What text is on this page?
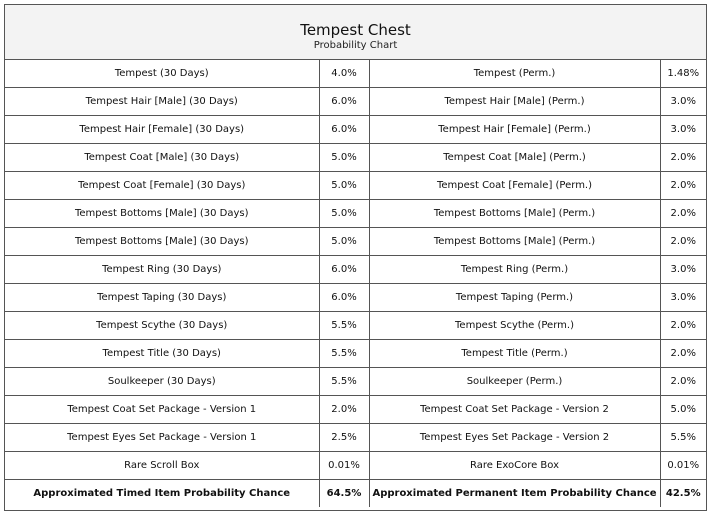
Tempest Chest
Probability Chart
Tempest (30 Days)	4.0%	Tempest (Perm.)	1.48%
Tempest Hair [Male] (30 Days)	6.0%	Tempest Hair [Male] (Perm.)	3.0%
Tempest Hair [Female] (30 Days)	6.0%	Tempest Hair [Female] (Perm.)	3.0%
Tempest Coat [Male] (30 Days)	5.0%	Tempest Coat [Male] (Perm.)	2.0%
Tempest Coat [Female] (30 Days)	5.0%	Tempest Coat [Female] (Perm.)	2.0%
Tempest Bottoms [Male] (30 Days)	5.0%	Tempest Bottoms [Male] (Perm.)	2.0%
Tempest Bottoms [Male] (30 Days)	5.0%	Tempest Bottoms [Male] (Perm.)	2.0%
Tempest Ring (30 Days)	6.0%	Tempest Ring (Perm.)	3.0%
Tempest Taping (30 Days)	6.0%	Tempest Taping (Perm.)	3.0%
Tempest Scythe (30 Days)	5.5%	Tempest Scythe (Perm.)	2.0%
Tempest Title (30 Days)	5.5%	Tempest Title (Perm.)	2.0%
Soulkeeper (30 Days)	5.5%	Soulkeeper (Perm.)	2.0%
Tempest Coat Set Package - Version 1	2.0%	Tempest Coat Set Package - Version 2	5.0%
Tempest Eyes Set Package - Version 1	2.5%	Tempest Eyes Set Package - Version 2	5.5%
Rare Scroll Box	0.01%	Rare ExoCore Box	0.01%
Approximated Timed Item Probability Chance	64.5%	Approximated Permanent Item Probability Chance	42.5%
